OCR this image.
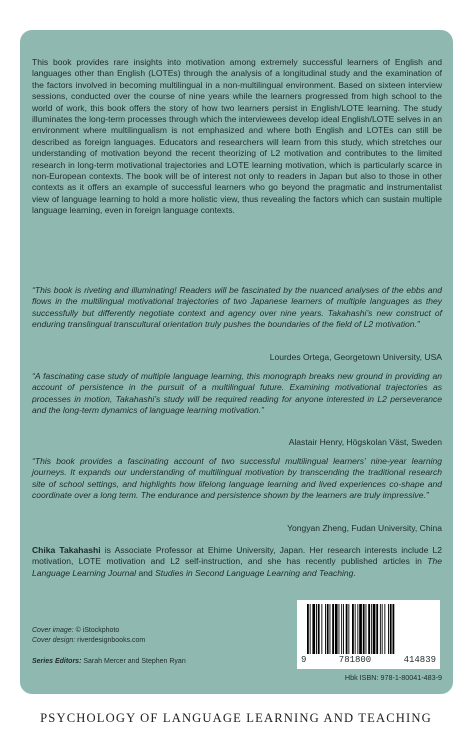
This book provides rare insights into motivation among extremely successful learners of English and languages other than English (LOTEs) through the analysis of a longitudinal study and the examination of the factors involved in becoming multilingual in a non-multilingual environment. Based on sixteen interview sessions, conducted over the course of nine years while the learners progressed from high school to the world of work, this book offers the story of how two learners persist in English/LOTE learning. The study illuminates the long-term processes through which the interviewees develop ideal English/LOTE selves in an environment where multilingualism is not emphasized and where both English and LOTEs can still be described as foreign languages. Educators and researchers will learn from this study, which stretches our understanding of motivation beyond the recent theorizing of L2 motivation and contributes to the limited research in long-term motivational trajectories and LOTE learning motivation, which is particularly scarce in non-European contexts. The book will be of interest not only to readers in Japan but also to those in other contexts as it offers an example of successful learners who go beyond the pragmatic and instrumentalist view of language learning to hold a more holistic view, thus revealing the factors which can sustain multiple language learning, even in foreign language contexts.

“This book is riveting and illuminating! Readers will be fascinated by the nuanced analyses of the ebbs and flows in the multilingual motivational trajectories of two Japanese learners of multiple languages as they successfully but differently negotiate context and agency over nine years. Takahashi’s new construct of enduring translingual transcultural orientation truly pushes the boundaries of the field of L2 motivation.”

Lourdes Ortega, Georgetown University, USA

“A fascinating case study of multiple language learning, this monograph breaks new ground in providing an account of persistence in the pursuit of a multilingual future. Examining motivational trajectories as processes in motion, Takahashi’s study will be required reading for anyone interested in L2 perseverance and the long-term dynamics of language learning motivation.”

Alastair Henry, Högskolan Väst, Sweden

“This book provides a fascinating account of two successful multilingual learners’ nine-year learning journeys. It expands our understanding of multilingual motivation by transcending the traditional research site of school settings, and highlights how lifelong language learning and lived experiences co-shape and coordinate over a long term. The endurance and persistence shown by the learners are truly impressive.”

Yongyan Zheng, Fudan University, China

Chika Takahashi is Associate Professor at Ehime University, Japan. Her research interests include L2 motivation, LOTE motivation and L2 self-instruction, and she has recently published articles in The Language Learning Journal and Studies in Second Language Learning and Teaching.

Cover image: © iStockphoto
Cover design: riverdesignbooks.com
Series Editors: Sarah Mercer and Stephen Ryan	9	781800	414839
Hbk ISBN: 978-1-80041-483-9
PSYCHOLOGY OF LANGUAGE LEARNING AND TEACHING
